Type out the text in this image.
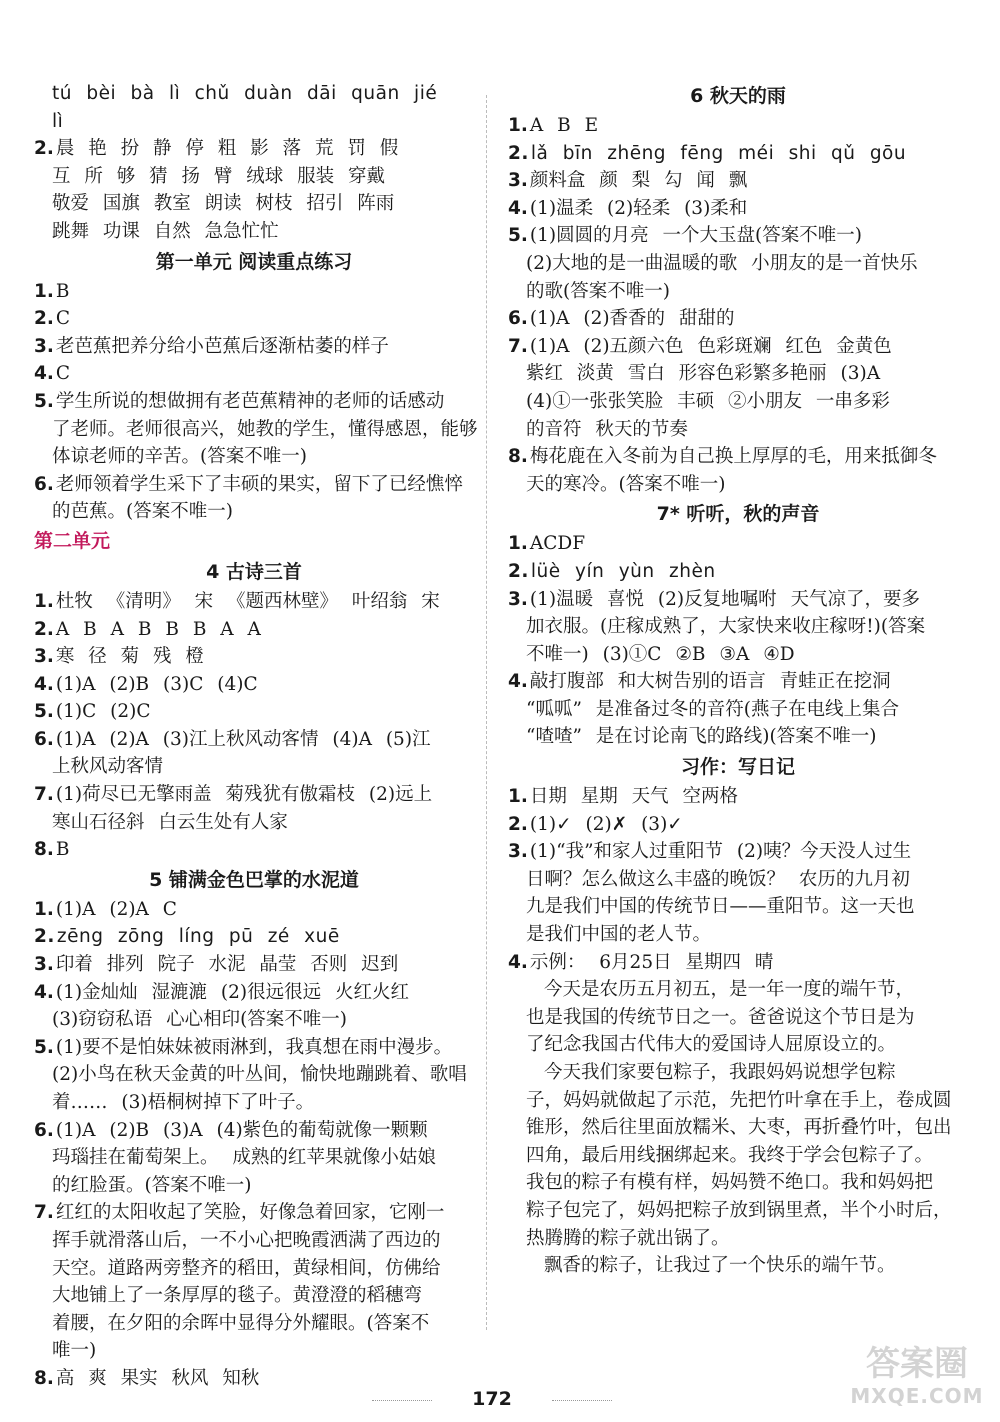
tú bèi bà lì chǔ duàn dāi quān jié
lì
2. 晨 艳 扮 静 停 粗 影 落 荒 罚 假
互 所 够 猜 扬 臂 绒球 服装 穿戴
敬爱 国旗 教室 朗读 树枝 招引 阵雨
跳舞 功课 自然 急急忙忙
第一单元 阅读重点练习
1. B
2. C
3. 老芭蕉把养分给小芭蕉后逐渐枯萎的样子
4. C
5. 学生所说的想做拥有老芭蕉精神的老师的话感动
了老师。老师很高兴，她教的学生，懂得感恩，能够
体谅老师的辛苦。(答案不唯一)
6. 老师领着学生采下了丰硕的果实，留下了已经憔悴
的芭蕉。(答案不唯一)
第二单元
4 古诗三首
1. 杜牧 《清明》 宋 《题西林壁》 叶绍翁 宋
2. A B A B B B A A
3. 寒 径 菊 残 橙
4. (1)A (2)B (3)C (4)C
5. (1)C (2)C
6. (1)A (2)A (3)江上秋风动客情 (4)A (5)江
上秋风动客情
7. (1)荷尽已无擎雨盖 菊残犹有傲霜枝 (2)远上
寒山石径斜 白云生处有人家
8. B
5 铺满金色巴掌的水泥道
1. (1)A (2)A C
2. zēng zōng líng pū zé xuē
3. 印着 排列 院子 水泥 晶莹 否则 迟到
4. (1)金灿灿 湿漉漉 (2)很远很远 火红火红
(3)窃窃私语 心心相印(答案不唯一)
5. (1)要不是怕妹妹被雨淋到，我真想在雨中漫步。
(2)小鸟在秋天金黄的叶丛间，愉快地蹦跳着、歌唱
着…… (3)梧桐树掉下了叶子。
6. (1)A (2)B (3)A (4)紫色的葡萄就像一颗颗
玛瑙挂在葡萄架上。 成熟的红苹果就像小姑娘
的红脸蛋。(答案不唯一)
7. 红红的太阳收起了笑脸，好像急着回家，它刚一
挥手就滑落山后，一不小心把晚霞洒满了西边的
天空。道路两旁整齐的稻田，黄绿相间，仿佛给
大地铺上了一条厚厚的毯子。黄澄澄的稻穗弯
着腰，在夕阳的余晖中显得分外耀眼。(答案不
唯一)
8. 高 爽 果实 秋风 知秋
6 秋天的雨
1. A B E
2. lǎ bīn zhēng fēng méi shi qǔ gōu
3. 颜料盒 颜 梨 勾 闻 飘
4. (1)温柔 (2)轻柔 (3)柔和
5. (1)圆圆的月亮 一个大玉盘(答案不唯一)
(2)大地的是一曲温暖的歌 小朋友的是一首快乐
的歌(答案不唯一)
6. (1)A (2)香香的 甜甜的
7. (1)A (2)五颜六色 色彩斑斓 红色 金黄色
紫红 淡黄 雪白 形容色彩繁多艳丽 (3)A
(4)①一张张笑脸 丰硕 ②小朋友 一串多彩
的音符 秋天的节奏
8. 梅花鹿在入冬前为自己换上厚厚的毛，用来抵御冬
天的寒冷。(答案不唯一)
7* 听听，秋的声音
1. ACDF
2. lüè yín yùn zhèn
3. (1)温暖 喜悦 (2)反复地嘱咐 天气凉了，要多
加衣服。(庄稼成熟了，大家快来收庄稼呀!)(答案
不唯一) (3)①C ②B ③A ④D
4. 敲打腹部 和大树告别的语言 青蛙正在挖洞
“呱呱” 是准备过冬的音符(燕子在电线上集合
“喳喳” 是在讨论南飞的路线)(答案不唯一)
习作：写日记
1. 日期 星期 天气 空两格
2. (1)✓ (2)✗ (3)✓
3. (1)“我”和家人过重阳节 (2)咦？今天没人过生
日啊？怎么做这么丰盛的晚饭？ 农历的九月初
九是我们中国的传统节日——重阳节。这一天也
是我们中国的老人节。
4. 示例： 6月25日 星期四 晴
今天是农历五月初五，是一年一度的端午节，
也是我国的传统节日之一。爸爸说这个节日是为
了纪念我国古代伟大的爱国诗人屈原设立的。
今天我们家要包粽子，我跟妈妈说想学包粽
子，妈妈就做起了示范，先把竹叶拿在手上，卷成圆
锥形，然后往里面放糯米、大枣，再折叠竹叶，包出
四角，最后用线捆绑起来。我终于学会包粽子了。
我包的粽子有模有样，妈妈赞不绝口。我和妈妈把
粽子包完了，妈妈把粽子放到锅里煮，半个小时后，
热腾腾的粽子就出锅了。
飘香的粽子，让我过了一个快乐的端午节。
172
答案圈
MXQE.COM
